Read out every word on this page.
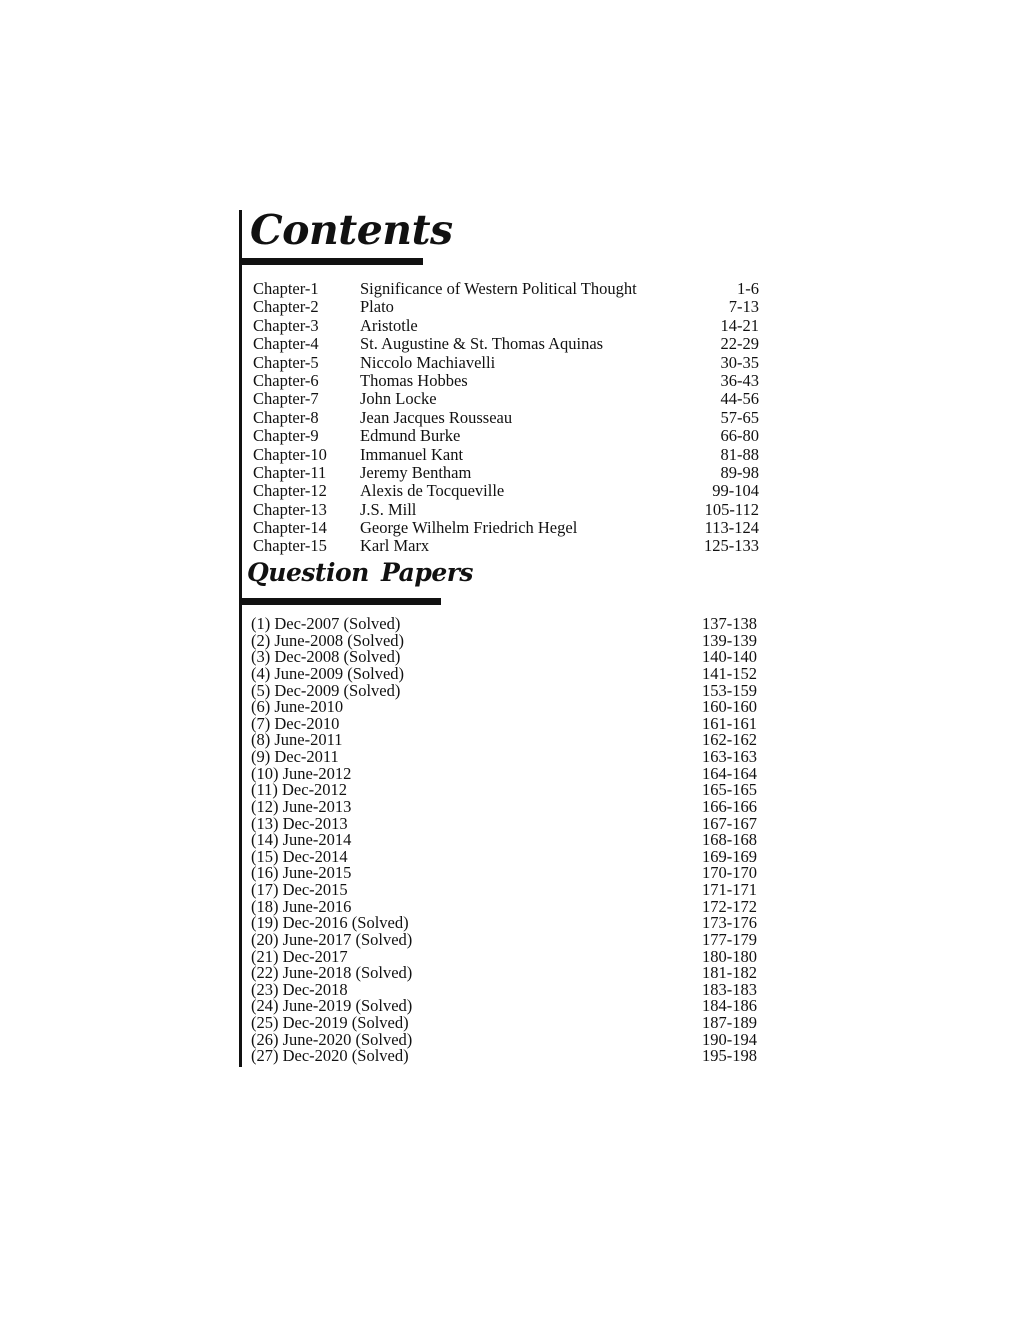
Contents
Chapter-1	Significance of Western Political Thought	1-6
Chapter-2	Plato	7-13
Chapter-3	Aristotle	14-21
Chapter-4	St. Augustine & St. Thomas Aquinas	22-29
Chapter-5	Niccolo Machiavelli	30-35
Chapter-6	Thomas Hobbes	36-43
Chapter-7	John Locke	44-56
Chapter-8	Jean Jacques Rousseau	57-65
Chapter-9	Edmund Burke	66-80
Chapter-10	Immanuel Kant	81-88
Chapter-11	Jeremy Bentham	89-98
Chapter-12	Alexis de Tocqueville	99-104
Chapter-13	J.S. Mill	105-112
Chapter-14	George Wilhelm Friedrich Hegel	113-124
Chapter-15	Karl Marx	125-133
Question Papers
(1) Dec-2007 (Solved)	137-138
(2) June-2008 (Solved)	139-139
(3) Dec-2008 (Solved)	140-140
(4) June-2009 (Solved)	141-152
(5) Dec-2009 (Solved)	153-159
(6) June-2010	160-160
(7) Dec-2010	161-161
(8) June-2011	162-162
(9) Dec-2011	163-163
(10) June-2012	164-164
(11) Dec-2012	165-165
(12) June-2013	166-166
(13) Dec-2013	167-167
(14) June-2014	168-168
(15) Dec-2014	169-169
(16) June-2015	170-170
(17) Dec-2015	171-171
(18) June-2016	172-172
(19) Dec-2016 (Solved)	173-176
(20) June-2017 (Solved)	177-179
(21) Dec-2017	180-180
(22) June-2018 (Solved)	181-182
(23) Dec-2018	183-183
(24) June-2019 (Solved)	184-186
(25) Dec-2019 (Solved)	187-189
(26) June-2020 (Solved)	190-194
(27) Dec-2020 (Solved)	195-198
